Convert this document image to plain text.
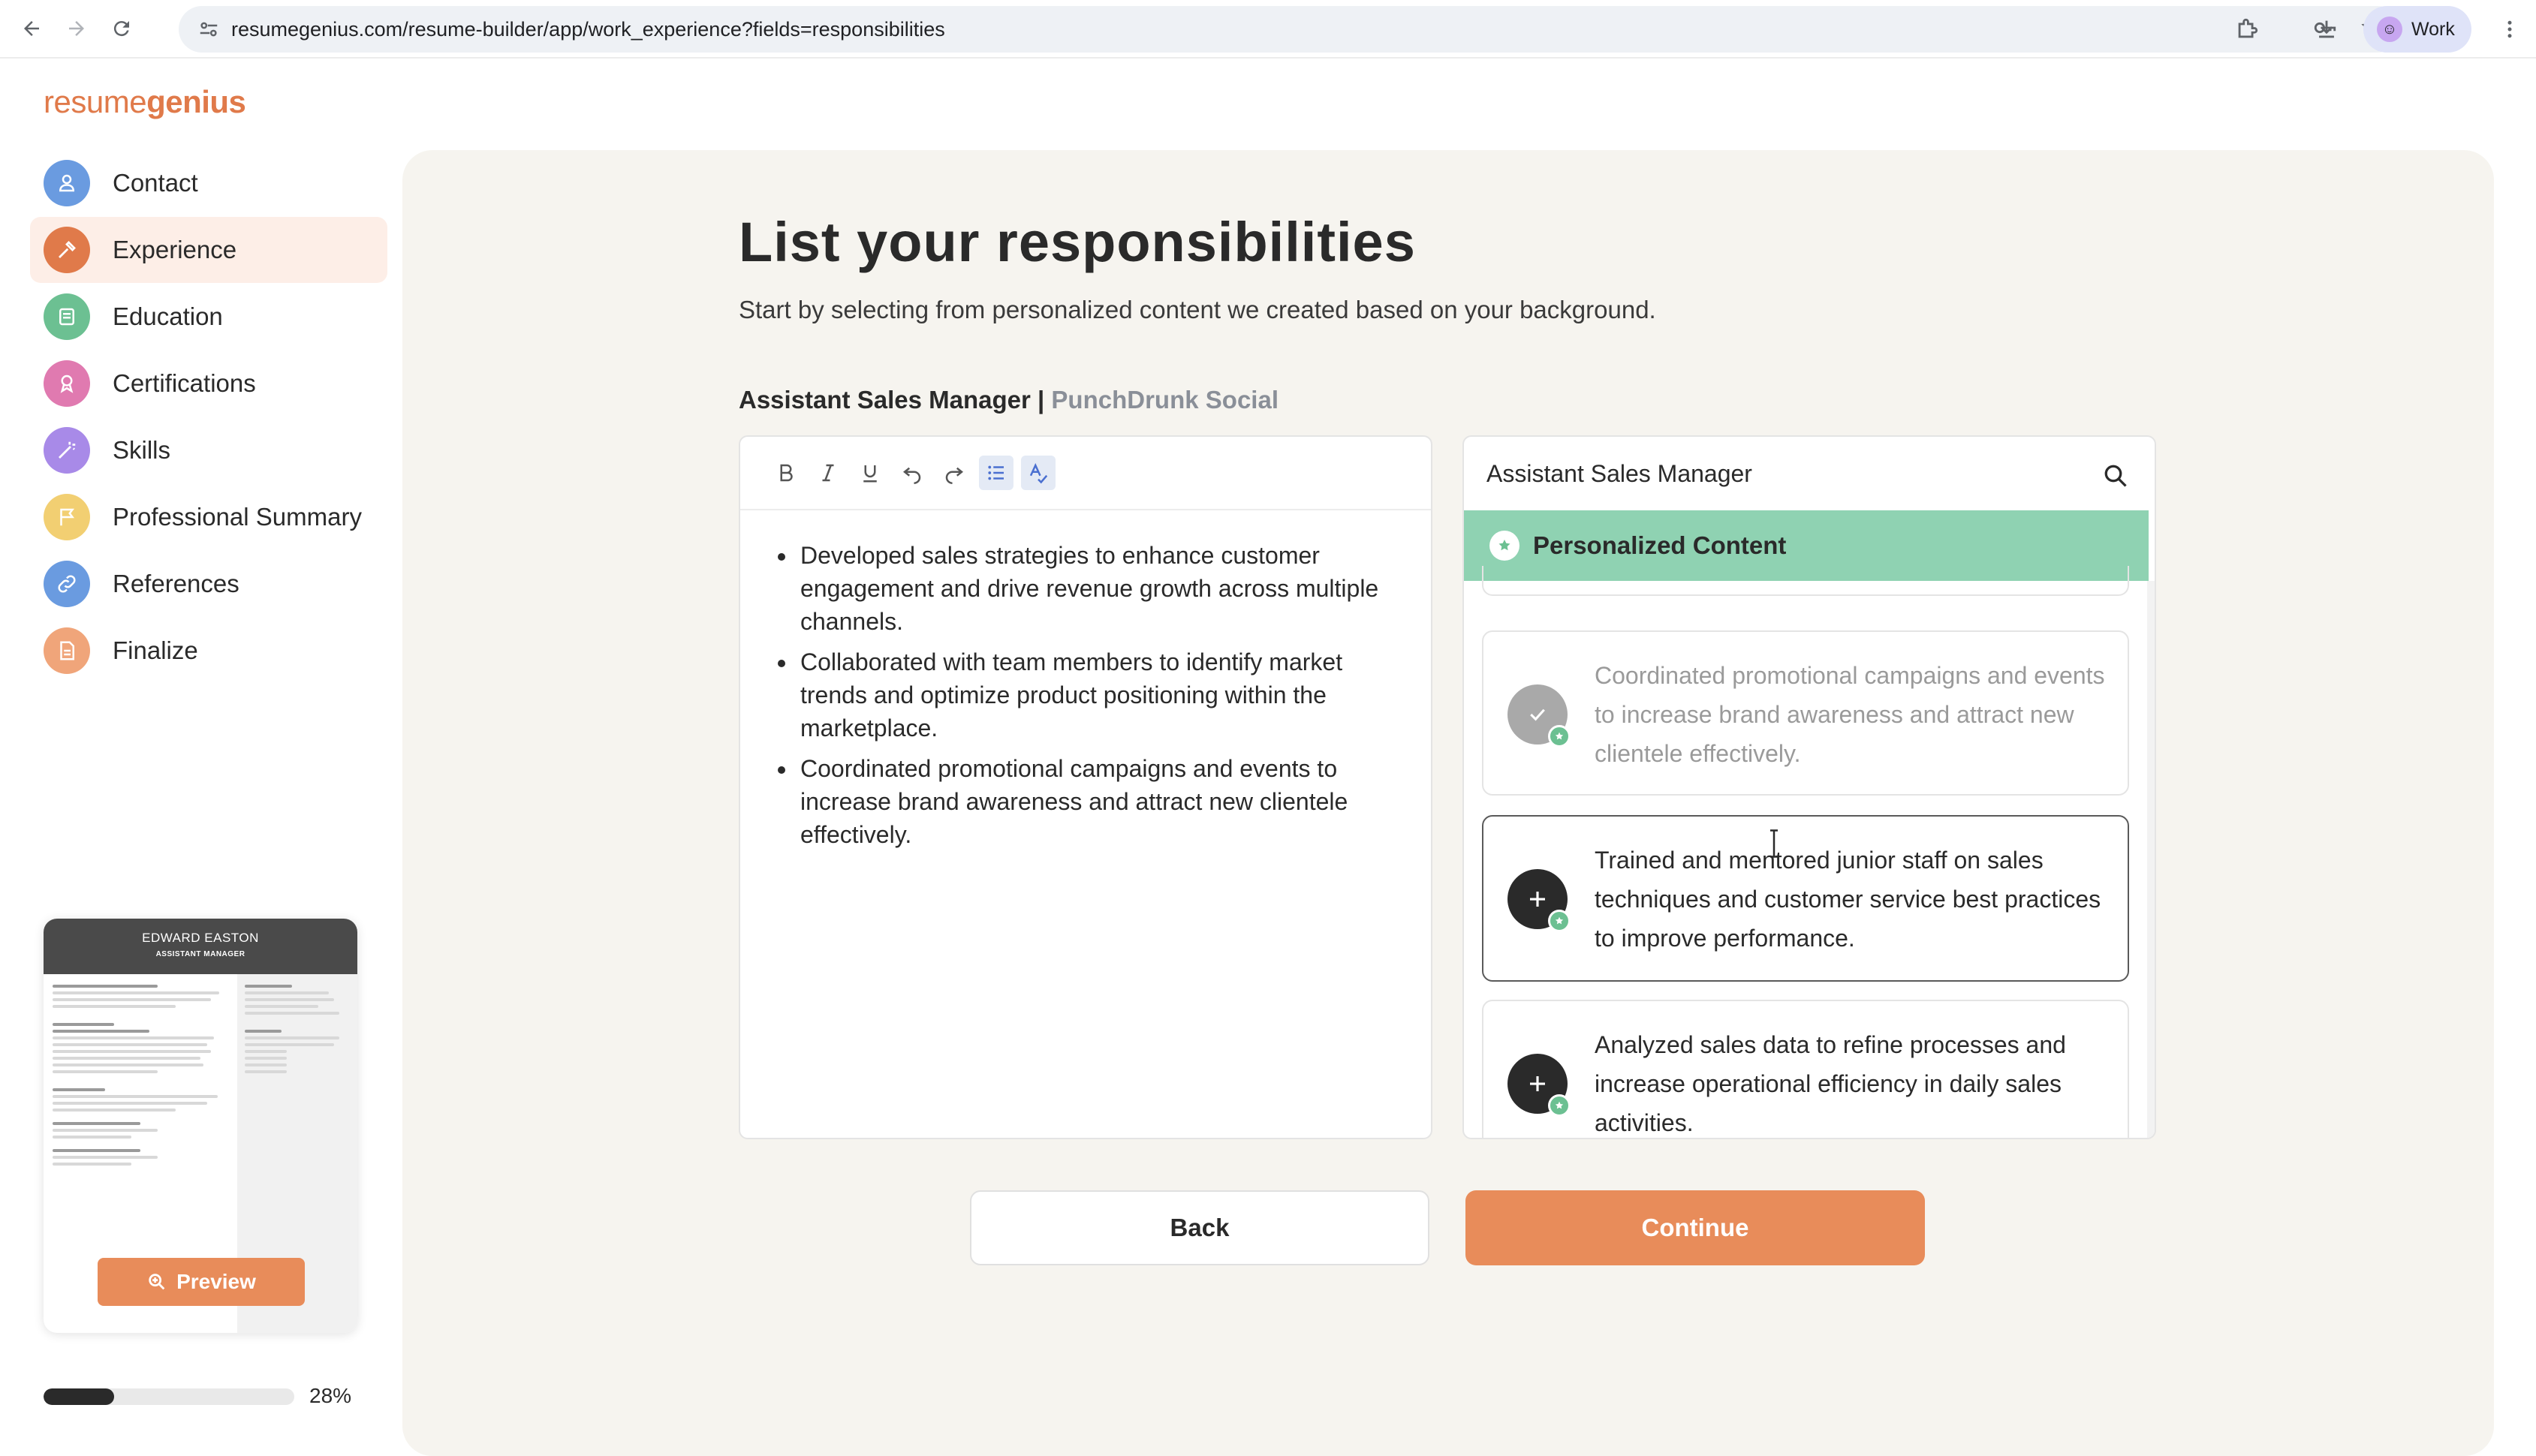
resumegenius.com/resume-builder/app/work_experience?fields=responsibilities	☺ Work
resumegenius
Contact
Experience
Education
Certifications
Skills
Professional Summary
References
Finalize
EDWARD EASTON
ASSISTANT MANAGER
Preview
28%
List your responsibilities
Start by selecting from personalized content we created based on your background.
Assistant Sales Manager | PunchDrunk Social
• Developed sales strategies to enhance customer engagement and drive revenue growth across multiple channels.
• Collaborated with team members to identify market trends and optimize product positioning within the marketplace.
• Coordinated promotional campaigns and events to increase brand awareness and attract new clientele effectively.
Assistant Sales Manager
Personalized Content
Coordinated promotional campaigns and events to increase brand awareness and attract new clientele effectively.
Trained and mentored junior staff on sales techniques and customer service best practices to improve performance.
Analyzed sales data to refine processes and increase operational efficiency in daily sales activities.
Back	Continue
